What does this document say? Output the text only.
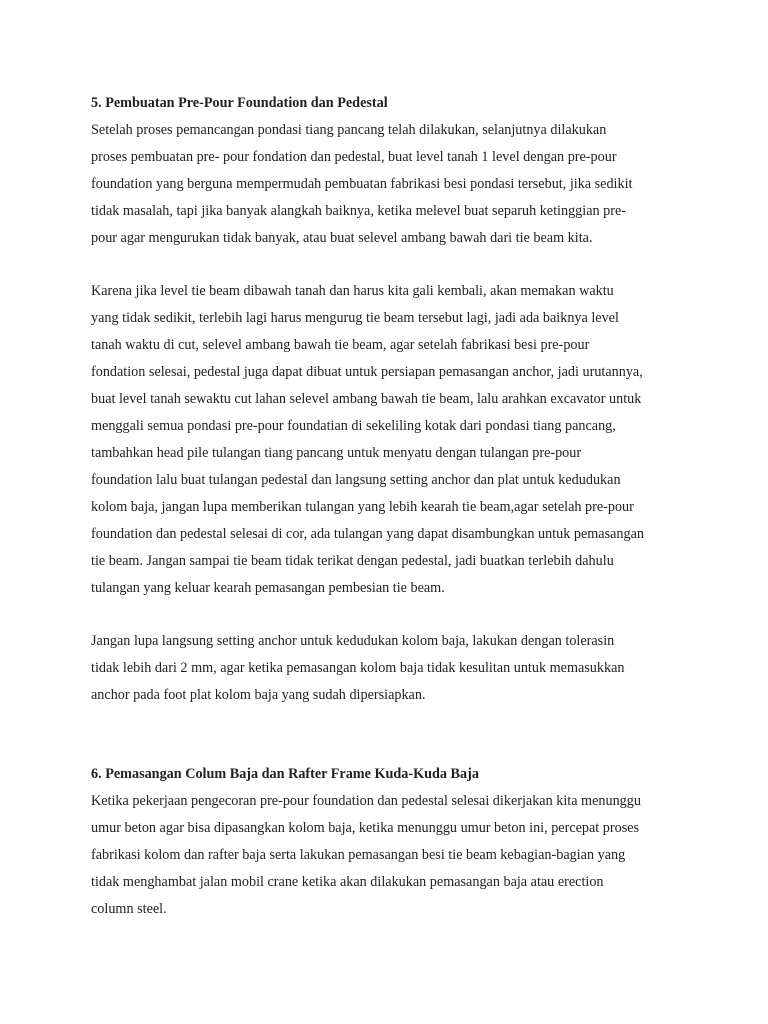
5. Pembuatan Pre-Pour Foundation dan Pedestal

Setelah proses pemancangan pondasi tiang pancang telah dilakukan, selanjutnya dilakukan
proses pembuatan pre- pour fondation dan pedestal, buat level tanah 1 level dengan pre-pour
foundation yang berguna mempermudah pembuatan fabrikasi besi pondasi tersebut, jika sedikit
tidak masalah, tapi jika banyak alangkah baiknya, ketika melevel buat separuh ketinggian pre-
pour agar mengurukan tidak banyak, atau buat selevel ambang bawah dari tie beam kita.

Karena jika level tie beam dibawah tanah dan harus kita gali kembali, akan memakan waktu
yang tidak sedikit, terlebih lagi harus mengurug tie beam tersebut lagi, jadi ada baiknya level
tanah waktu di cut, selevel ambang bawah tie beam, agar setelah fabrikasi besi pre-pour
fondation selesai, pedestal juga dapat dibuat untuk persiapan pemasangan anchor, jadi urutannya,
buat level tanah sewaktu cut lahan selevel ambang bawah tie beam, lalu arahkan excavator untuk
menggali semua pondasi pre-pour foundatian di sekeliling kotak dari pondasi tiang pancang,
tambahkan head pile tulangan tiang pancang untuk menyatu dengan tulangan pre-pour
foundation lalu buat tulangan pedestal dan langsung setting anchor dan plat untuk kedudukan
kolom baja, jangan lupa memberikan tulangan yang lebih kearah tie beam,agar setelah pre-pour
foundation dan pedestal selesai di cor, ada tulangan yang dapat disambungkan untuk pemasangan
tie beam. Jangan sampai tie beam tidak terikat dengan pedestal, jadi buatkan terlebih dahulu
tulangan yang keluar kearah pemasangan pembesian tie beam.

Jangan lupa langsung setting anchor untuk kedudukan kolom baja, lakukan dengan tolerasin
tidak lebih dari 2 mm, agar ketika pemasangan kolom baja tidak kesulitan untuk memasukkan
anchor pada foot plat kolom baja yang sudah dipersiapkan.

6. Pemasangan Colum Baja dan Rafter Frame Kuda-Kuda Baja

Ketika pekerjaan pengecoran pre-pour foundation dan pedestal selesai dikerjakan kita menunggu
umur beton agar bisa dipasangkan kolom baja, ketika menunggu umur beton ini, percepat proses
fabrikasi kolom dan rafter baja serta lakukan pemasangan besi tie beam kebagian-bagian yang
tidak menghambat jalan mobil crane ketika akan dilakukan pemasangan baja atau erection
column steel.
